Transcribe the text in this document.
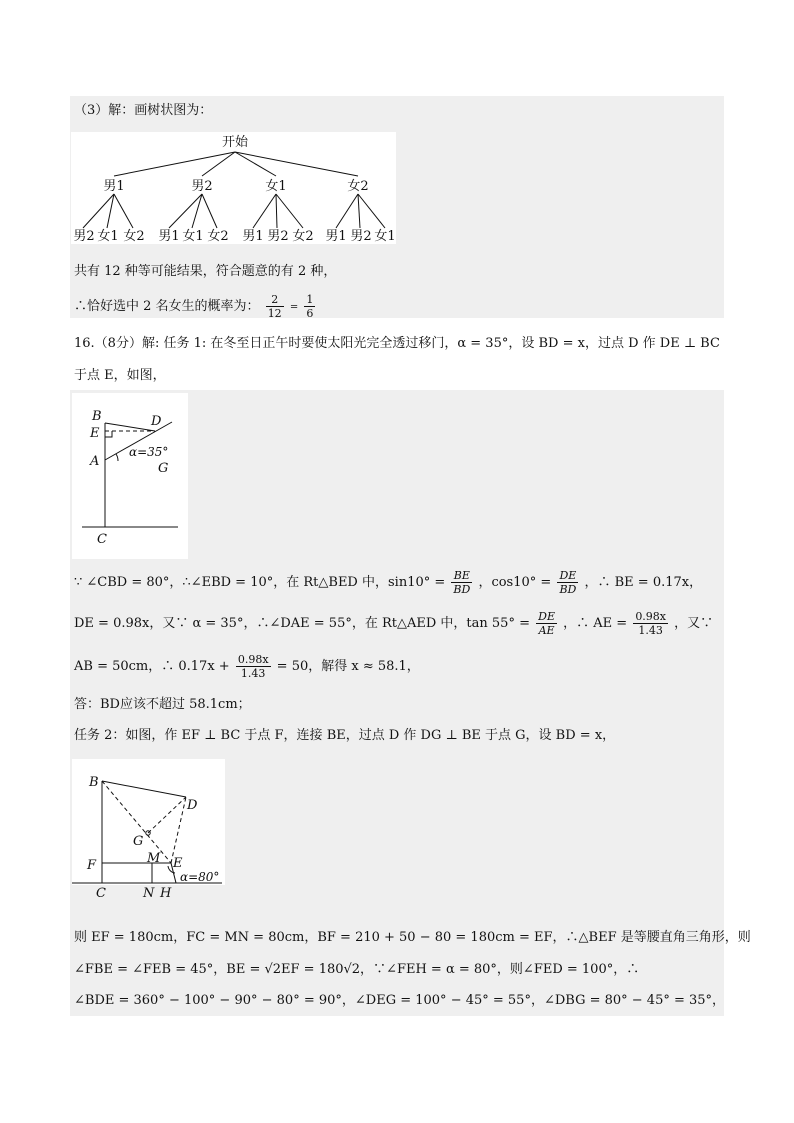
（3）解：画树状图为：
开始
男1	男2	女1	女2
男2 女1 女2 男1 女1 女2 男1 男2 女2 男1 男2 女1
共有 12 种等可能结果，符合题意的有 2 种，
∴恰好选中 2 名女生的概率为： $\frac{2}{12} = \frac{1}{6}$
16.（8分）解: 任务 1: 在冬至日正午时要使太阳光完全透过移门，α = 35°，设 BD = x，过点 D 作 DE ⊥ BC
于点 E，如图，
B	D
E
A
α=35°
G
C
∵ ∠CBD = 80°，∴∠EBD = 10°，在 Rt△BED 中，$\sin 10^\circ = \frac{BE}{BD}$ ，$\cos 10^\circ = \frac{DE}{BD}$ ，∴ BE = 0.17x，
DE = 0.98x，又∵ α = 35°，∴∠DAE = 55°，在 Rt△AED 中，$\tan 55^\circ = \frac{DE}{AE}$ ，∴ AE = $\frac{0.98x}{1.43}$ ，又∵
AB = 50cm，∴ $0.17x + \frac{0.98x}{1.43} = 50$，解得 x ≈ 58.1，
答：BD应该不超过 58.1cm；
任务 2：如图，作 EF ⊥ BC 于点 F，连接 BE，过点 D 作 DG ⊥ BE 于点 G，设 BD = x，
B
D
G
M E
F
α=80°
C	N H
则 EF = 180cm，FC = MN = 80cm，BF = 210 + 50 − 80 = 180cm = EF，∴△BEF 是等腰直角三角形，则
∠FBE = ∠FEB = 45°，BE = √2EF = 180√2，∵∠FEH = α = 80°，则∠FED = 100°，∴
∠BDE = 360° − 100° − 90° − 80° = 90°，∠DEG = 100° − 45° = 55°，∠DBG = 80° − 45° = 35°，
